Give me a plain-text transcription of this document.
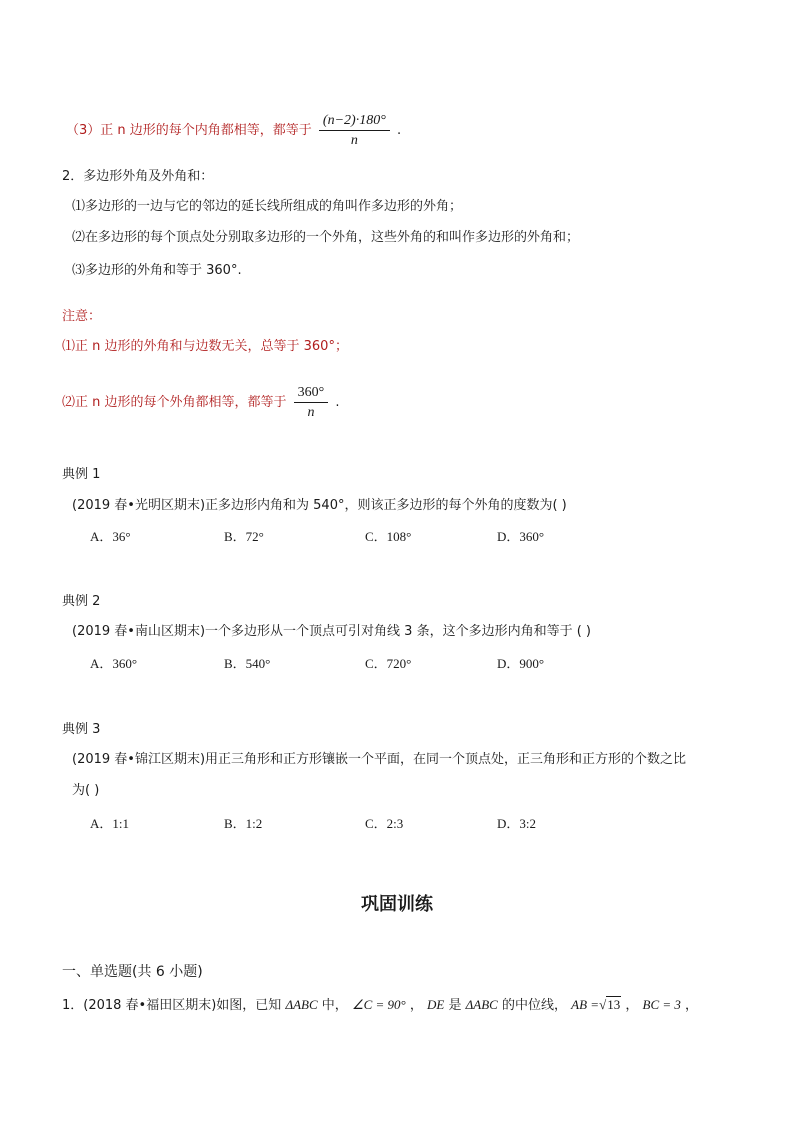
（3）正 n 边形的每个内角都相等，都等于 $\frac{(n-2)\cdot 180^\circ}{n}$ .
2．多边形外角及外角和：
⑴多边形的一边与它的邻边的延长线所组成的角叫作多边形的外角；
⑵在多边形的每个顶点处分别取多边形的一个外角，这些外角的和叫作多边形的外角和；
⑶多边形的外角和等于 360°.
注意：
⑴正 n 边形的外角和与边数无关，总等于 360°；
⑵正 n 边形的每个外角都相等，都等于 $\frac{360^\circ}{n}$ .
典例 1
(2019 春•光明区期末)正多边形内角和为 540°，则该正多边形的每个外角的度数为( )
A．36°	B．72°	C．108°	D．360°
典例 2
(2019 春•南山区期末)一个多边形从一个顶点可引对角线 3 条，这个多边形内角和等于 ( )
A．360°	B．540°	C．720°	D．900°
典例 3
(2019 春•锦江区期末)用正三角形和正方形镶嵌一个平面，在同一个顶点处，正三角形和正方形的个数之比
为( )
A．1:1	B．1:2	C．2:3	D．3:2
巩固训练
一、单选题(共 6 小题)
1．(2018 春•福田区期末)如图，已知 ΔABC 中， ∠C = 90° ， DE 是 ΔABC 的中位线， AB =√13 ， BC = 3 ，
